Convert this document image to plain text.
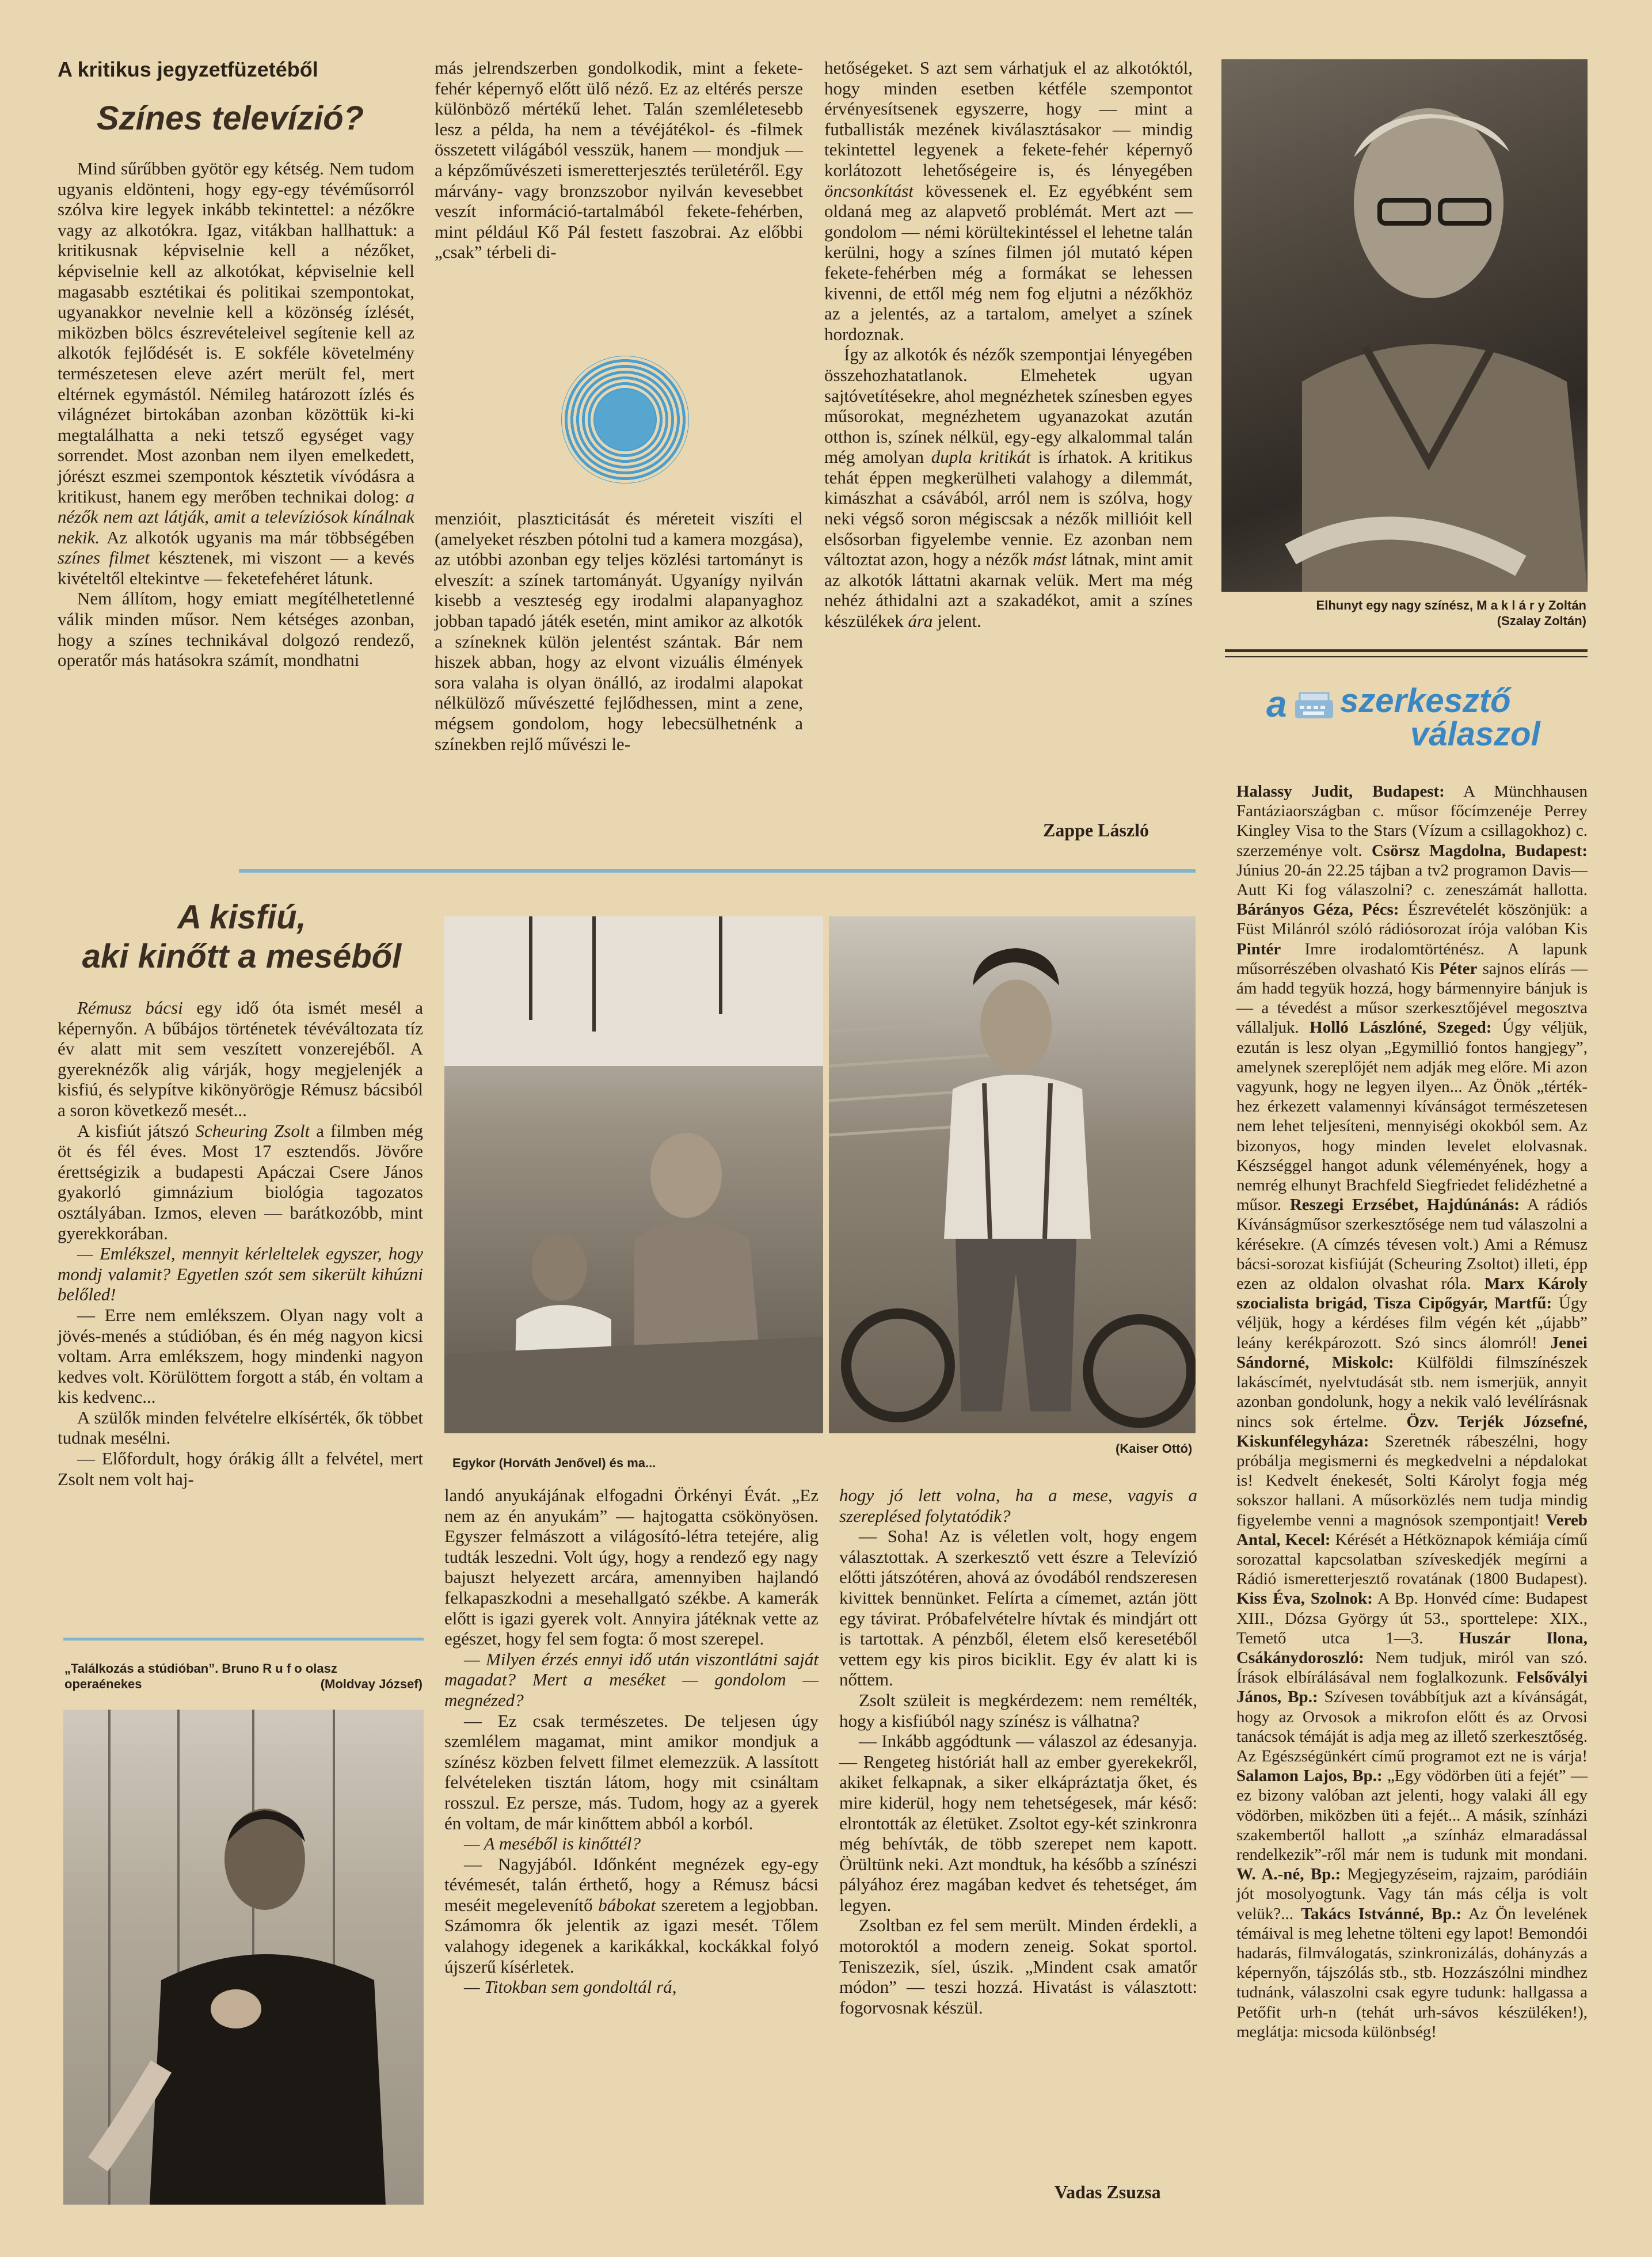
A kritikus jegyzetfüzetéből
Színes televízió?

Mind sűrűbben gyötör egy kétség. Nem tudom ugyanis eldönteni, hogy egy-egy tévéműsorról szólva kire legyek inkább tekintettel: a nézőkre vagy az alkotókra. Igaz, vitákban hallhattuk: a kritikusnak képviselnie kell a nézőket, képviselnie kell az alkotókat, képviselnie kell magasabb esztétikai és politikai szempontokat, ugyanakkor nevelnie kell a közönség ízlését, miközben bölcs észrevételeivel segítenie kell az alkotók fejlődését is. E sokféle követelmény természetesen eleve azért merült fel, mert eltérnek egymástól. Némileg határozott ízlés és világnézet birtokában azonban közöttük ki-ki megtalálhatta a neki tetsző egységet vagy sorrendet. Most azonban nem ilyen emelkedett, jórészt eszmei szempontok késztetik vívódásra a kritikust, hanem egy merőben technikai dolog: a nézők nem azt látják, amit a televíziósok kínálnak nekik. Az alkotók ugyanis ma már többségében színes filmet késztenek, mi viszont — a kevés kivételtől eltekintve — feketefehéret látunk.

Nem állítom, hogy emiatt megítélhetetlenné válik minden műsor. Nem kétséges azonban, hogy a színes technikával dolgozó rendező, operatőr más hatásokra számít, mondhatni

más jelrendszerben gondolkodik, mint a fekete-fehér képernyő előtt ülő néző. Ez az eltérés persze különböző mértékű lehet. Talán szemléletesebb lesz a példa, ha nem a tévéjátékol- és -filmek összetett világából vesszük, hanem — mondjuk — a képzőművészeti ismeretterjesztés területéről. Egy márvány- vagy bronzszobor nyilván kevesebbet veszít információ-tartalmából fekete-fehérben, mint például Kő Pál festett faszobrai. Az előbbi „csak” térbeli di-

menzióit, plaszticitását és méreteit viszíti el (amelyeket részben pótolni tud a kamera mozgása), az utóbbi azonban egy teljes közlési tartományt is elveszít: a színek tartományát. Ugyanígy nyilván kisebb a veszteség egy irodalmi alapanyaghoz jobban tapadó játék esetén, mint amikor az alkotók a színeknek külön jelentést szántak. Bár nem hiszek abban, hogy az elvont vizuális élmények sora valaha is olyan önálló, az irodalmi alapokat nélkülöző művészetté fejlődhessen, mint a zene, mégsem gondolom, hogy lebecsülhetnénk a színekben rejlő művészi le-

hetőségeket. S azt sem várhatjuk el az alkotóktól, hogy minden esetben kétféle szempontot érvényesítsenek egyszerre, hogy — mint a futballisták mezének kiválasztásakor — mindig tekintettel legyenek a fekete-fehér képernyő korlátozott lehetőségeire is, és lényegében öncsonkítást kövessenek el. Ez egyébként sem oldaná meg az alapvető problémát. Mert azt — gondolom — némi körültekintéssel el lehetne talán kerülni, hogy a színes filmen jól mutató képen fekete-fehérben még a formákat se lehessen kivenni, de ettől még nem fog eljutni a nézőkhöz az a jelentés, az a tartalom, amelyet a színek hordoznak.

Így az alkotók és nézők szempontjai lényegében összehozhatatlanok. Elmehetek ugyan sajtóvetítésekre, ahol megnézhetek színesben egyes műsorokat, megnézhetem ugyanazokat azután otthon is, színek nélkül, egy-egy alkalommal talán még amolyan dupla kritikát is írhatok. A kritikus tehát éppen megkerülheti valahogy a dilemmát, kimászhat a csávából, arról nem is szólva, hogy neki végső soron mégiscsak a nézők millióit kell elsősorban figyelembe vennie. Ez azonban nem változtat azon, hogy a nézők mást látnak, mint amit az alkotók láttatni akarnak velük. Mert ma még nehéz áthidalni azt a szakadékot, amit a színes készülékek ára jelent.

Zappe László
Elhunyt egy nagy színész, M a k l á r y Zoltán
(Szalay Zoltán)
a szerkesztő
válaszol
Halassy Judit, Budapest: A Münchhausen Fantáziaországban c. műsor főcímzenéje Perrey Kingley Visa to the Stars (Vízum a csillagokhoz) c. szerzeménye volt. Csörsz Magdolna, Budapest: Június 20-án 22.25 tájban a tv2 programon Davis—Autt Ki fog válaszolni? c. zeneszámát hallotta. Bárányos Géza, Pécs: Észrevételét köszönjük: a Füst Milánról szóló rádiósorozat írója valóban Kis Pintér Imre irodalomtörténész. A lapunk műsorrészében olvasható Kis Péter sajnos elírás — ám hadd tegyük hozzá, hogy bármennyire bánjuk is — a tévedést a műsor szerkesztőjével megosztva vállaljuk. Holló Lászlóné, Szeged: Úgy véljük, ezután is lesz olyan „Egymillió fontos hangjegy”, amelynek szereplőjét nem adják meg előre. Mi azon vagyunk, hogy ne legyen ilyen... Az Önök „térték-hez érkezett valamennyi kívánságot természetesen nem lehet teljesíteni, mennyiségi okokból sem. Az bizonyos, hogy minden levelet elolvasnak. Készséggel hangot adunk véleményének, hogy a nemrég elhunyt Brachfeld Siegfriedet felidézhetné a műsor. Reszegi Erzsébet, Hajdúnánás: A rádiós Kívánságműsor szerkesztősége nem tud válaszolni a kérésekre. (A címzés tévesen volt.) Ami a Rémusz bácsi-sorozat kisfiúját (Scheuring Zsoltot) illeti, épp ezen az oldalon olvashat róla. Marx Károly szocialista brigád, Tisza Cipőgyár, Martfű: Úgy véljük, hogy a kérdéses film végén két „újabb” leány kerékpározott. Szó sincs álomról! Jenei Sándorné, Miskolc: Külföldi filmszínészek lakáscímét, nyelvtudását stb. nem ismerjük, annyit azonban gondolunk, hogy a nekik való levélírásnak nincs sok értelme. Özv. Terjék Józsefné, Kiskunfélegyháza: Szeretnék rábeszélni, hogy próbálja megismerni és megkedvelni a népdalokat is! Kedvelt énekesét, Solti Károlyt fogja még sokszor hallani. A műsorközlés nem tudja mindig figyelembe venni a magnósok szempontjait! Vereb Antal, Kecel: Kérését a Hétköznapok kémiája című sorozattal kapcsolatban szíveskedjék megírni a Rádió ismeretterjesztő rovatának (1800 Budapest). Kiss Éva, Szolnok: A Bp. Honvéd címe: Budapest XIII., Dózsa György út 53., sporttelepe: XIX., Temető utca 1—3. Huszár Ilona, Csákánydoroszló: Nem tudjuk, miról van szó. Írások elbírálásával nem foglalkozunk. Felsővályi János, Bp.: Szívesen továbbítjuk azt a kívánságát, hogy az Orvosok a mikrofon előtt és az Orvosi tanácsok témáját is adja meg az illető szerkesztőség. Az Egészségünkért című programot ezt ne is várja! Salamon Lajos, Bp.: „Egy vödörben üti a fejét” — ez bizony valóban azt jelenti, hogy valaki áll egy vödörben, miközben üti a fejét... A másik, színházi szakembertől hallott „a színház elmaradással rendelkezik”-ről már nem is tudunk mit mondani. W. A.-né, Bp.: Megjegyzéseim, rajzaim, paródiáin jót mosolyogtunk. Vagy tán más célja is volt velük?... Takács Istvánné, Bp.: Az Ön levelének témáival is meg lehetne tölteni egy lapot! Bemondói hadarás, filmválogatás, szinkronizálás, dohányzás a képernyőn, tájszólás stb., stb. Hozzászólni mindhez tudnánk, válaszolni csak egyre tudunk: hallgassa a Petőfit urh-n (tehát urh-sávos készüléken!), meglátja: micsoda különbség!
A kisfiú,
aki kinőtt a meséből

Rémusz bácsi egy idő óta ismét mesél a képernyőn. A bűbájos történetek tévéváltozata tíz év alatt mit sem veszített vonzerejéből. A gyereknézők alig várják, hogy megjelenjék a kisfiú, és selypítve kikönyörögje Rémusz bácsiból a soron következő mesét...

A kisfiút játszó Scheuring Zsolt a filmben még öt és fél éves. Most 17 esztendős. Jövőre érettségizik a budapesti Apáczai Csere János gyakorló gimnázium biológia tagozatos osztályában. Izmos, eleven — barátkozóbb, mint gyerekkorában.

— Emlékszel, mennyit kérleltelek egyszer, hogy mondj valamit? Egyetlen szót sem sikerült kihúzni belőled!

— Erre nem emlékszem. Olyan nagy volt a jövés-menés a stúdióban, és én még nagyon kicsi voltam. Arra emlékszem, hogy mindenki nagyon kedves volt. Körülöttem forgott a stáb, én voltam a kis kedvenc...

A szülők minden felvételre elkísérték, ők többet tudnak mesélni.

— Előfordult, hogy órákig állt a felvétel, mert Zsolt nem volt haj-

„Találkozás a stúdióban”. Bruno R u f o olasz
operaénekes	(Moldvay József)
Egykor (Horváth Jenővel) és ma...
(Kaiser Ottó)

landó anyukájának elfogadni Örkényi Évát. „Ez nem az én anyukám” — hajtogatta csökönyösen. Egyszer felmászott a világosító-létra tetejére, alig tudták leszedni. Volt úgy, hogy a rendező egy nagy bajuszt helyezett arcára, amennyiben hajlandó felkapaszkodni a mesehallgató székbe. A kamerák előtt is igazi gyerek volt. Annyira játéknak vette az egészet, hogy fel sem fogta: ő most szerepel.

— Milyen érzés ennyi idő után viszontlátni saját magadat? Mert a meséket — gondolom — megnézed?

— Ez csak természetes. De teljesen úgy szemlélem magamat, mint amikor mondjuk a színész közben felvett filmet elemezzük. A lassított felvételeken tisztán látom, hogy mit csináltam rosszul. Ez persze, más. Tudom, hogy az a gyerek én voltam, de már kinőttem abból a korból.

— A meséből is kinőttél?

— Nagyjából. Időnként megnézek egy-egy tévémesét, talán érthető, hogy a Rémusz bácsi meséit megelevenítő bábokat szeretem a legjobban. Számomra ők jelentik az igazi mesét. Tőlem valahogy idegenek a karikákkal, kockákkal folyó újszerű kísérletek.

— Titokban sem gondoltál rá,

hogy jó lett volna, ha a mese, vagyis a szereplésed folytatódik?

— Soha! Az is véletlen volt, hogy engem választottak. A szerkesztő vett észre a Televízió előtti játszótéren, ahová az óvodából rendszeresen kivittek bennünket. Felírta a címemet, aztán jött egy távirat. Próbafelvételre hívtak és mindjárt ott is tartottak. A pénzből, életem első keresetéből vettem egy kis piros biciklit. Egy év alatt ki is nőttem.

Zsolt szüleit is megkérdezem: nem remélték, hogy a kisfiúból nagy színész is válhatna?

— Inkább aggódtunk — válaszol az édesanyja. — Rengeteg históriát hall az ember gyerekekről, akiket felkapnak, a siker elkápráztatja őket, és mire kiderül, hogy nem tehetségesek, már késő: elrontották az életüket. Zsoltot egy-két szinkronra még behívták, de több szerepet nem kapott. Örültünk neki. Azt mondtuk, ha később a színészi pályához érez magában kedvet és tehetséget, ám legyen.

Zsoltban ez fel sem merült. Minden érdekli, a motoroktól a modern zeneig. Sokat sportol. Teniszezik, síel, úszik. „Mindent csak amatőr módon” — teszi hozzá. Hivatást is választott: fogorvosnak készül.

Vadas Zsuzsa
